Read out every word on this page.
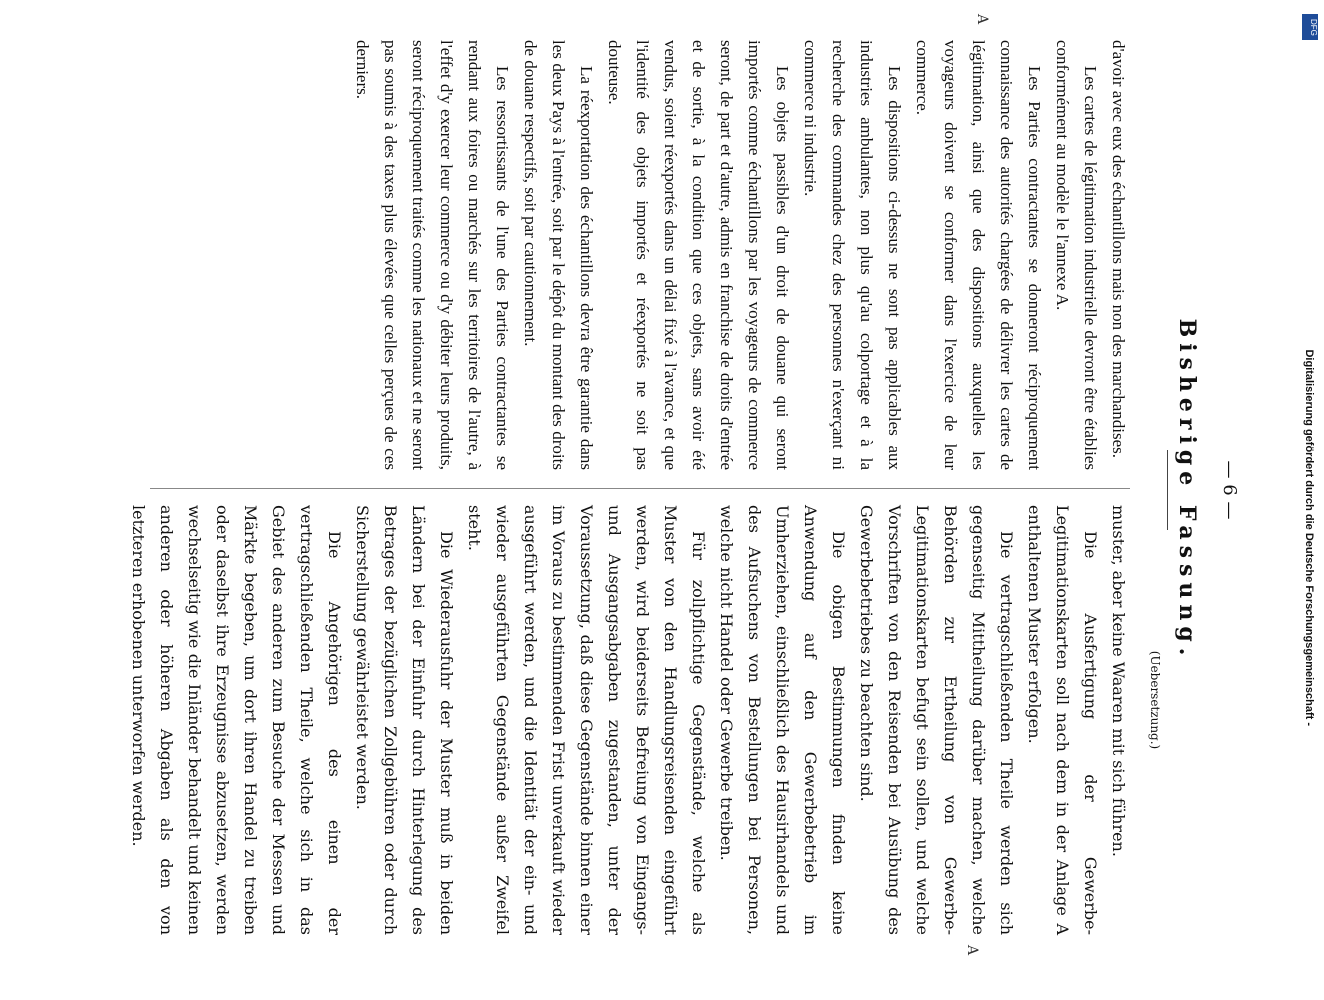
— 6 —
Bisherige Fassung.
(Uebersetzung.)

d'avoir avec eux des échantillons mais non des marchandises.

Les cartes de légitimation industrielle devront être établies conformément au modèle le l'annexe A.

Les Parties contractantes se donneront réciproquement connaissance des autorités chargées de délivrer les cartes de légitimation, ainsi que des dispositions auxquelles les voyageurs doivent se conformer dans l'exercice de leur commerce.

Les dispositions ci-dessus ne sont pas applicables aux industries ambulantes, non plus qu'au colportage et à la recherche des commandes chez des personnes n'exerçant ni commerce ni industrie.

Les objets passibles d'un droit de douane qui seront importés comme échantillons par les voyageurs de commerce seront, de part et d'autre, admis en franchise de droits d'entrée et de sortie, à la condition que ces objets, sans avoir été vendus, soient réexportés dans un délai fixé à l'avance, et que l'identité des objets importés et réexportés ne soit pas douteuse.

La réexportation des échantillons devra être garantie dans les deux Pays à l'entrée, soit par le dépôt du montant des droits de douane respectifs, soit par cautionnement.

Les ressortissants de l'une des Parties contractantes se rendant aux foires ou marchés sur les territoires de l'autre, à l'effet d'y exercer leur commerce ou d'y débiter leurs produits, seront réciproquement traités comme les nationaux et ne seront pas soumis à des taxes plus élevées que celles perçues de ces derniers.

muster, aber keine Waaren mit sich führen.

Die Ausfertigung der Gewerbe-Legitimationskarten soll nach dem in der Anlage A enthaltenen Muster erfolgen.

Die vertragschließenden Theile werden sich gegenseitig Mittheilung darüber machen, welche Behörden zur Ertheilung von Gewerbe-Legitimationskarten befugt sein sollen, und welche Vorschriften von den Reisenden bei Ausübung des Gewerbebetriebes zu beachten sind.

Die obigen Bestimmungen finden keine Anwendung auf den Gewerbebetrieb im Umherziehen, einschließlich des Hausirhandels und des Aufsuchens von Bestellungen bei Personen, welche nicht Handel oder Gewerbe treiben.

Für zollpflichtige Gegenstände, welche als Muster von den Handlungsreisenden eingeführt werden, wird beiderseits Befreiung von Eingangs- und Ausgangsabgaben zugestanden, unter der Voraussetzung, daß diese Gegenstände binnen einer im Voraus zu bestimmenden Frist unverkauft wieder ausgeführt werden, und die Identität der ein- und wieder ausgeführten Gegenstände außer Zweifel steht.

Die Wiederausfuhr der Muster muß in beiden Ländern bei der Einfuhr durch Hinterlegung des Betrages der bezüglichen Zollgebühren oder durch Sicherstellung gewährleistet werden.

Die Angehörigen des einen der vertragschließenden Theile, welche sich in das Gebiet des anderen zum Besuche der Messen und Märkte begeben, um dort ihren Handel zu treiben oder daselbst ihre Erzeugnisse abzusetzen, werden wechselseitig wie die Inländer behandelt und keinen anderen oder höheren Abgaben als den von letzteren erhobenen unterworfen werden.

A
A
Digitalisierung gefördert durch die Deutsche Forschungsgemeinschaft -
DFG
